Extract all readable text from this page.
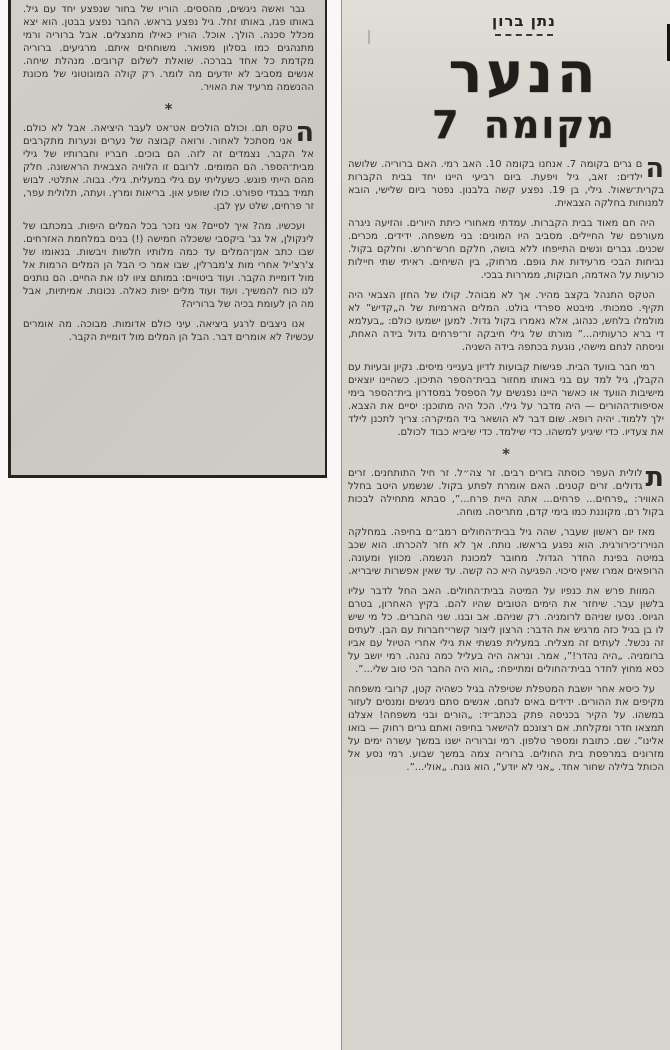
נתן ברון
הנער
מקומה 7

ה
ם גרים בקומה 7. אנחנו בקומה 10. האב רמי. האם ברוריה. שלושה ילדים: זאב, גיל ויפעת. ביום רביעי היינו יחד בבית הקברות בקרית־שאול. גילי, בן 19. נפצע קשה בלבנון. נפטר ביום שלישי, הובא למנוחות בחלקה הצבאית.

היה חם מאוד בבית הקברות. עמדתי מאחורי כיתת היורים. והזיעה ניגרה מעורפם של החיילים. מסביב היו המונים: בני משפחה. ידידים. מכרים. שכנים. גברים ונשים התייפחו ללא בושה, חלקם חרש־חרש. וחלקם בקול. נביחות הבכי מרעידות את גופם. מרחוק, בין השיחים. ראיתי שתי חיילות כורעות על האדמה, חבוקות, ממררות בבכי.

הטקס התנהל בקצב מהיר. אך לא מבוהל. קולו של החזן הצבאי היה תקיף. סמכותי. מיבטא ספרדי בולט. המלים הארמיות של ה„קדיש” לא מולמלו בלחש, כנהוג, אלא נאמרו בקול גדול. למען ישמעו כולם: „בעלמא די ברא כרעותיה...” מורתו של גילי חיבקה זר־פרחים גדול בידה האחת, וניסתה לנחם מישהי, נוגעת בכתפה בידה השניה.

רמי חבר בוועד הבית. פגישות קבועות לדיון בענייני מיסים. נקיון ובעיות עם הקבלן, גיל למד עם בני באותו מחזור בבית־הספר התיכון. כשהיינו יוצאים מישיבות הוועד או כאשר היינו נפגשים על הספסל במסדרון בית־הספר בימי אסיפות־ההורים — היה מדבר על גילי. הכל היה מתוכנן: יסיים את הצבא. ילך ללמוד. יהיה רופא. שום דבר לא הושאר ביד המיקרה: צריך לתכנן לילד את צעדיו. כדי שיגיע למשהו. כדי שילמד. כדי שיביא כבוד לכולם.

*

ת
לולית העפר כוסתה בזרים רבים. זר צה״ל. זר חיל התותחנים. זרים גדולים. זרים קטנים. האם אומרת לפתע בקול. שנשמע היטב בחלל האוויר: „פרחים... פרחים... אתה היית פרח...”, סבתא מתחילה לבכות בקול רם. מקוננת כמו בימי קדם, מתריסה. מוחה.

מאז יום ראשון שעבר, שהה גיל בבית־החולים רמב״ם בחיפה. במחלקה הנוירו־כירורגית. הוא נפגע בראשו. נותח. אך לא חזר להכרתו. הוא שכב במיטה בפינת החדר הגדול. מחובר למכונת הנשמה. מכווץ ומעונה. הרופאים אמרו שאין סיכוי. הפגיעה היא כה קשה. עד שאין אפשרות שיבריא.

המוות פרש את כנפיו על המיטה בבית־החולים. האב החל לדבר עליו בלשון עבר. שיחזר את הימים הטובים שהיו להם. בקיץ האחרון, בטרם הגיוס. נסעו שניהם לרומניה. רק שניהם. אב ובנו. שני החברים. כל מי שיש לו בן בגיל כזה מרגיש את הדבר: הרצון ליצור קשרי־חברות עם הבן. לעתים זה נכשל. לעתים זה מצליח. במעלית פגשתי את גילי אחרי הטיול עם אביו ברומניה. „היה נהדר!”, אמר. ונראה היה בעליל כמה נהנה. רמי יושב על כסא מחוץ לחדר בבית־החולים ומתייפח: „הוא היה החבר הכי טוב שלי...”.

על כיסא אחר יושבת המטפלת שטיפלה בגיל כשהיה קטן, קרובי משפחה מקיפים את ההורים. ידידים באים לנחם. אנשים סתם ניגשים ומנסים לעזור במשהו. על הקיר בכניסה פתק בכתב־יד: „הורים ובני משפחה! אצלנו תמצאו חדר ומקלחת. אם רצונכם להישאר בחיפה ואתם גרים רחוק — בואו אלינו”. שם. כתובת ומספר טלפון. רמי וברוריה ישנו במשך עשרה ימים על מזרונים במרפסת בית החולים. ברוריה צמה במשך שבוע. רמי נסע אל הכותל בלילה שחור אחד. „אני לא יודע”, הוא גונח. „אולי...”.

גבר ואשה ניגשים, מהססים. הוריו של בחור שנפצע יחד עם גיל. באותו פגז, באותו זחל. גיל נפצע בראש. החבר נפצע בבטן. הוא יצא מכלל סכנה. הולך. אוכל. הוריו כאילו מתנצלים. אבל ברוריה ורמי מתנהגים כמו בסלון מפואר. משוחחים איתם. מרגיעים. ברוריה מקדמת כל אחד בברכה. שואלת לשלום קרובים. מנהלת שיחה. אנשים מסביב לא יודעים מה לומר. רק קולה המונוטוני של מכונת ההנשמה מרעיד את האויר.

*

ה
טקס תם. וכולם הולכים אט־אט לעבר היציאה. אבל לא כולם. אני מסתכל לאחור. ורואה קבוצה של נערים ונערות מתקרבים אל הקבר. נצמדים זה לזה. הם בוכים. חבריו וחברותיו של גילי מבית־הספר. הם המומים. לרובם זו הלוויה הצבאית הראשונה. חלק מהם הייתי פוגש. כשעליתי עם גילי במעלית. גילי. גבוה. אתלטי. לבוש תמיד בבגדי ספורט. כולו שופע און. בריאות ומרץ. ועתה, תלולית עפר, זר פרחים, שלט עץ לבן.

ועכשיו. מה? איך לסיים? אני נזכר בכל המלים היפות. במכתבו של לינקולן, אל גב' ביקסבי ששכלה חמישה (!) בנים במלחמת האזרחים. שבו כתב אמן־המלים עד כמה מלותיו חלשות ויבשות. בנאומו של צ'רצ'יל אחרי מות צ'מברלין, שבו אמר כי הבל הן המלים הרמות אל מול דומיית הקבר. ועוד ביטויים: במותם ציוו לנו את החיים. הם נותנים לנו כוח להמשיך. ועוד ועוד מלים יפות כאלה. נכונות. אמיתיות, אבל מה הן לעומת בכיה של ברוריה?

אנו ניצבים לרגע ביציאה. עיני כולם אדומות. מבוכה. מה אומרים עכשיו? לא אומרים דבר. הבל הן המלים מול דומיית הקבר.
